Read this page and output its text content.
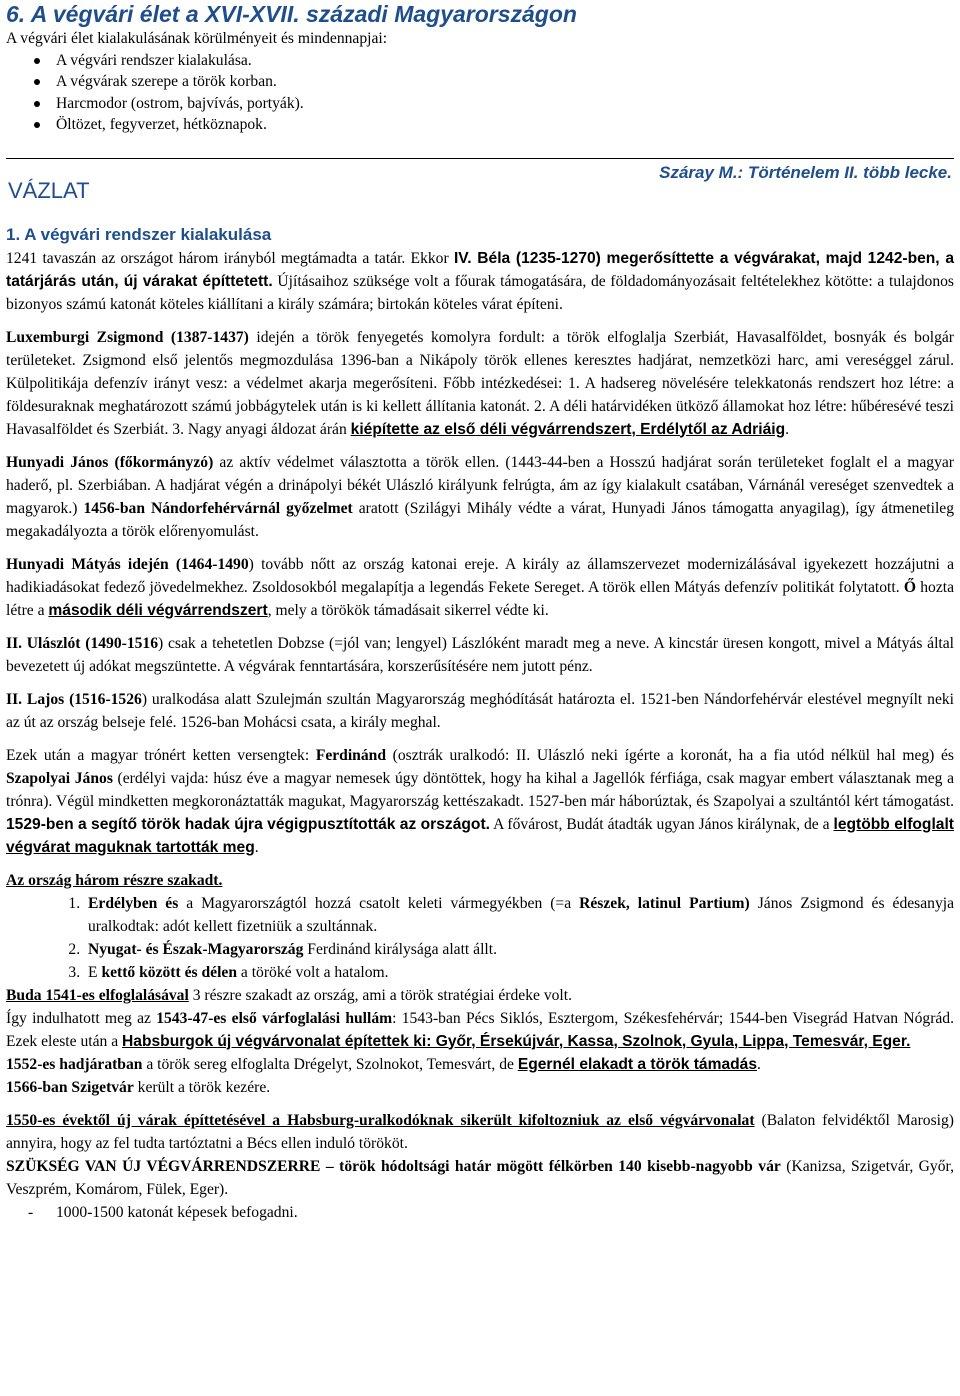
6. A végvári élet a XVI-XVII. századi Magyarországon

A végvári élet kialakulásának körülményeit és mindennapjai:

A végvári rendszer kialakulása.
A végvárak szerepe a török korban.
Harcmodor (ostrom, bajvívás, portyák).
Öltözet, fegyverzet, hétköznapok.
VÁZLAT
Száray M.: Történelem II. több lecke.
1. A végvári rendszer kialakulása

1241 tavaszán az országot három irányból megtámadta a tatár. Ekkor IV. Béla (1235-1270) megerősíttette a végvárakat, majd 1242-ben, a tatárjárás után, új várakat építtetett. Újításaihoz szüksége volt a főurak támogatására, de földadományozásait feltételekhez kötötte: a tulajdonos bizonyos számú katonát köteles kiállítani a király számára; birtokán köteles várat építeni.

Luxemburgi Zsigmond (1387-1437) idején a török fenyegetés komolyra fordult: a török elfoglalja Szerbiát, Havasalföldet, bosnyák és bolgár területeket. Zsigmond első jelentős megmozdulása 1396-ban a Nikápoly török ellenes keresztes hadjárat, nemzetközi harc, ami vereséggel zárul. Külpolitikája defenzív irányt vesz: a védelmet akarja megerősíteni. Főbb intézkedései: 1. A hadsereg növelésére telekkatonás rendszert hoz létre: a földesuraknak meghatározott számú jobbágytelek után is ki kellett állítania katonát. 2. A déli határvidéken ütköző államokat hoz létre: hűbéresévé teszi Havasalföldet és Szerbiát. 3. Nagy anyagi áldozat árán kiépítette az első déli végvárrendszert, Erdélytől az Adriáig.

Hunyadi János (főkormányzó) az aktív védelmet választotta a török ellen. (1443-44-ben a Hosszú hadjárat során területeket foglalt el a magyar haderő, pl. Szerbiában. A hadjárat végén a drinápolyi békét Ulászló királyunk felrúgta, ám az így kialakult csatában, Várnánál vereséget szenvedtek a magyarok.) 1456-ban Nándorfehérvárnál győzelmet aratott (Szilágyi Mihály védte a várat, Hunyadi János támogatta anyagilag), így átmenetileg megakadályozta a török előrenyomulást.

Hunyadi Mátyás idején (1464-1490) tovább nőtt az ország katonai ereje. A király az államszervezet modernizálásával igyekezett hozzájutni a hadikiadásokat fedező jövedelmekhez. Zsoldosokból megalapítja a legendás Fekete Sereget. A török ellen Mátyás defenzív politikát folytatott. Ő hozta létre a második déli végvárrendszert, mely a törökök támadásait sikerrel védte ki.

II. Ulászlót (1490-1516) csak a tehetetlen Dobzse (=jól van; lengyel) Lászlóként maradt meg a neve. A kincstár üresen kongott, mivel a Mátyás által bevezetett új adókat megszüntette. A végvárak fenntartására, korszerűsítésére nem jutott pénz.

II. Lajos (1516-1526) uralkodása alatt Szulejmán szultán Magyarország meghódítását határozta el. 1521-ben Nándorfehérvár elestével megnyílt neki az út az ország belseje felé. 1526-ban Mohácsi csata, a király meghal.

Ezek után a magyar trónért ketten versengtek: Ferdinánd (osztrák uralkodó: II. Ulászló neki ígérte a koronát, ha a fia utód nélkül hal meg) és Szapolyai János (erdélyi vajda: húsz éve a magyar nemesek úgy döntöttek, hogy ha kihal a Jagellók férfiága, csak magyar embert választanak meg a trónra). Végül mindketten megkoronáztatták magukat, Magyarország kettészakadt. 1527-ben már háborúztak, és Szapolyai a szultántól kért támogatást. 1529-ben a segítő török hadak újra végigpusztították az országot. A fővárost, Budát átadták ugyan János királynak, de a legtöbb elfoglalt végvárat maguknak tartották meg.

Az ország három részre szakadt.

1. Erdélyben és a Magyarországtól hozzá csatolt keleti vármegyékben (=a Részek, latinul Partium) János Zsigmond és édesanyja uralkodtak: adót kellett fizetniük a szultánnak.
2. Nyugat- és Észak-Magyarország Ferdinánd királysága alatt állt.
3. E kettő között és délen a töröké volt a hatalom.

Buda 1541-es elfoglalásával 3 részre szakadt az ország, ami a török stratégiai érdeke volt.

Így indulhatott meg az 1543-47-es első várfoglalási hullám: 1543-ban Pécs Siklós, Esztergom, Székesfehérvár; 1544-ben Visegrád Hatvan Nógrád. Ezek eleste után a Habsburgok új végvárvonalat építettek ki: Győr, Érsekújvár, Kassa, Szolnok, Gyula, Lippa, Temesvár, Eger.

1552-es hadjáratban a török sereg elfoglalta Drégelyt, Szolnokot, Temesvárt, de Egernél elakadt a török támadás.
1566-ban Szigetvár került a török kezére.

1550-es évektől új várak építtetésével a Habsburg-uralkodóknak sikerült kifoltozniuk az első végvárvonalat (Balaton felvidéktől Marosig) annyira, hogy az fel tudta tartóztatni a Bécs ellen induló törököt.

SZÜKSÉG VAN ÚJ VÉGVÁRRENDSZERRE – török hódoltsági határ mögött félkörben 140 kisebb-nagyobb vár (Kanizsa, Szigetvár, Győr, Veszprém, Komárom, Fülek, Eger).

- 1000-1500 katonát képesek befogadni.
